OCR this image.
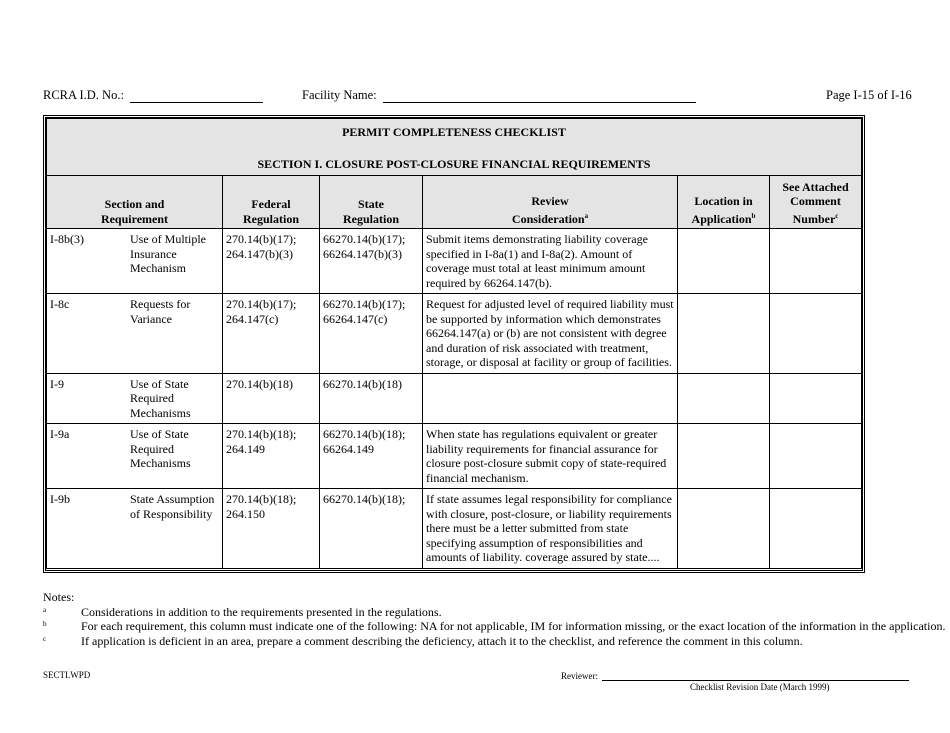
RCRA I.D. No.:	Facility Name:	Page I-15 of I-16
PERMIT COMPLETENESS CHECKLIST
SECTION I. CLOSURE POST-CLOSURE FINANCIAL REQUIREMENTS					

Section and Requirement	Federal Regulation	State Regulation	Review Consideration$^a$	Location in Application$^b$	See Attached Comment Number$^c$

I-8b(3) Use of Multiple Insurance Mechanism	270.14(b)(17); 264.147(b)(3)	66270.14(b)(17); 66264.147(b)(3)	Submit items demonstrating liability coverage specified in I-8a(1) and I-8a(2). Amount of coverage must total at least minimum amount required by 66264.147(b).		

I-8c Requests for Variance	270.14(b)(17); 264.147(c)	66270.14(b)(17); 66264.147(c)	Request for adjusted level of required liability must be supported by information which demonstrates 66264.147(a) or (b) are not consistent with degree and duration of risk associated with treatment, storage, or disposal at facility or group of facilities.		

I-9 Use of State Required Mechanisms	270.14(b)(18)	66270.14(b)(18)			

I-9a Use of State Required Mechanisms	270.14(b)(18); 264.149	66270.14(b)(18); 66264.149	When state has regulations equivalent or greater liability requirements for financial assurance for closure post-closure submit copy of state-required financial mechanism.		

I-9b State Assumption of Responsibility	270.14(b)(18); 264.150	66270.14(b)(18);	If state assumes legal responsibility for compliance with closure, post-closure, or liability requirements there must be a letter submitted from state specifying assumption of responsibilities and amounts of liability. coverage assured by state....		
Notes:
a	Considerations in addition to the requirements presented in the regulations.
b	For each requirement, this column must indicate one of the following: NA for not applicable, IM for information missing, or the exact location of the information in the application.
c	If application is deficient in an area, prepare a comment describing the deficiency, attach it to the checklist, and reference the comment in this column.
SECTI.WPD	Reviewer:
Checklist Revision Date (March 1999)
